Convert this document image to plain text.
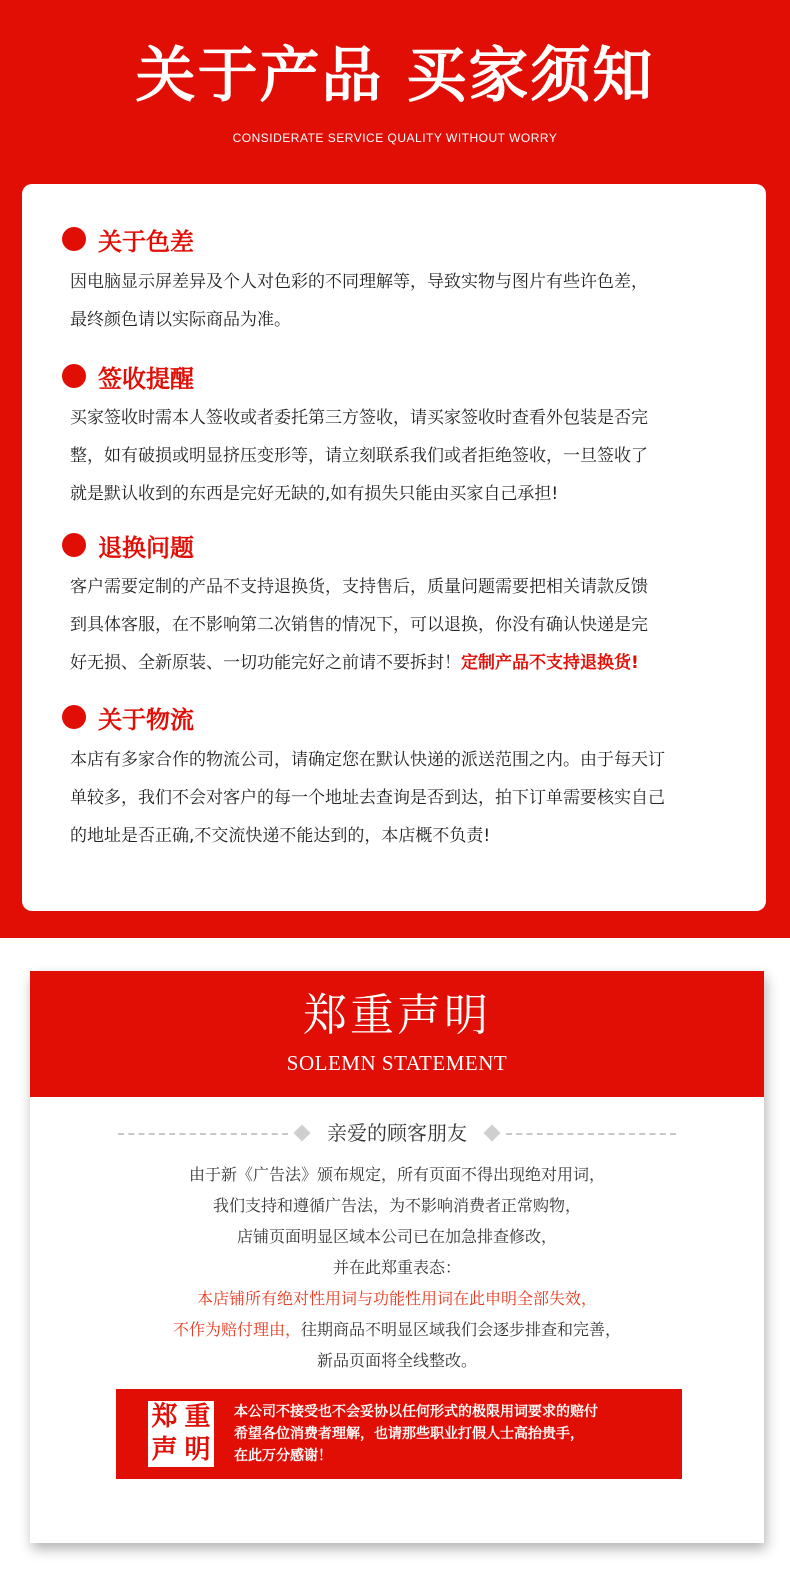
关于产品 买家须知
CONSIDERATE SERVICE QUALITY WITHOUT WORRY
关于色差
因电脑显示屏差异及个人对色彩的不同理解等，导致实物与图片有些许色差，
最终颜色请以实际商品为准。
签收提醒
买家签收时需本人签收或者委托第三方签收，请买家签收时查看外包装是否完
整，如有破损或明显挤压变形等，请立刻联系我们或者拒绝签收，一旦签收了
就是默认收到的东西是完好无缺的,如有损失只能由买家自己承担!
退换问题
客户需要定制的产品不支持退换货，支持售后，质量问题需要把相关请款反馈
到具体客服，在不影响第二次销售的情况下，可以退换，你没有确认快递是完
好无损、全新原装、一切功能完好之前请不要拆封！定制产品不支持退换货!
关于物流
本店有多家合作的物流公司，请确定您在默认快递的派送范围之内。由于每天订
单较多，我们不会对客户的每一个地址去查询是否到达，拍下订单需要核实自己
的地址是否正确,不交流快递不能达到的，本店概不负责!
郑重声明
SOLEMN STATEMENT
亲爱的顾客朋友
由于新《广告法》颁布规定，所有页面不得出现绝对用词，
我们支持和遵循广告法，为不影响消费者正常购物，
店铺页面明显区域本公司已在加急排查修改，
并在此郑重表态：
本店铺所有绝对性用词与功能性用词在此申明全部失效，
不作为赔付理由，往期商品不明显区域我们会逐步排查和完善，
新品页面将全线整改。
郑 重
声 明
本公司不接受也不会妥协以任何形式的极限用词要求的赔付
希望各位消费者理解，也请那些职业打假人士高抬贵手，
在此万分感谢！
